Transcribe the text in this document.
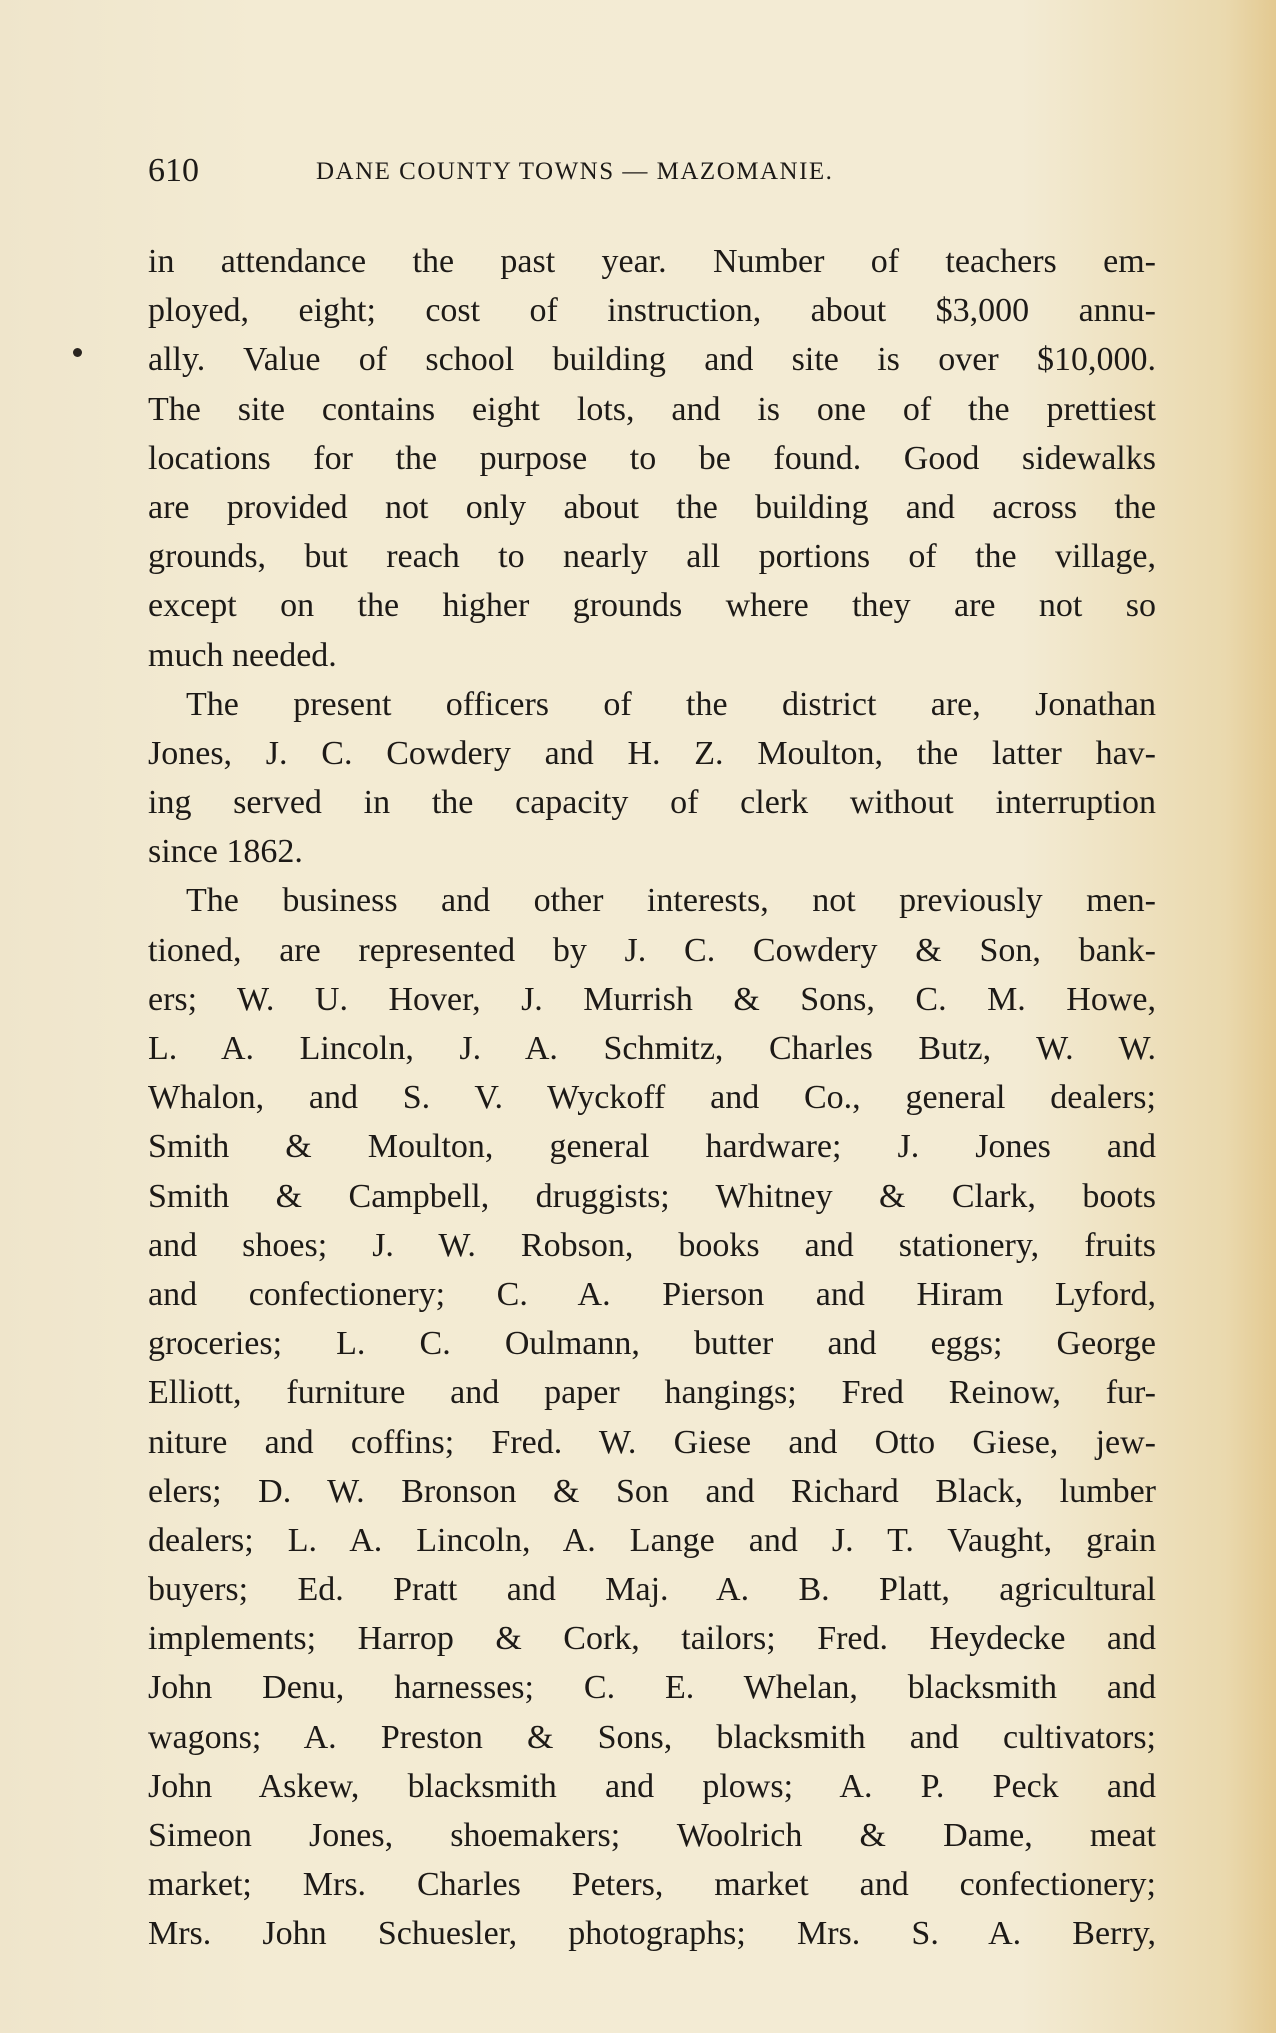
610	DANE COUNTY TOWNS — MAZOMANIE.
in attendance the past year. Number of teachers em-
ployed, eight; cost of instruction, about $3,000 annu-
ally. Value of school building and site is over $10,000.
The site contains eight lots, and is one of the prettiest
locations for the purpose to be found. Good sidewalks
are provided not only about the building and across the
grounds, but reach to nearly all portions of the village,
except on the higher grounds where they are not so
much needed.
The present officers of the district are, Jonathan
Jones, J. C. Cowdery and H. Z. Moulton, the latter hav-
ing served in the capacity of clerk without interruption
since 1862.
The business and other interests, not previously men-
tioned, are represented by J. C. Cowdery & Son, bank-
ers; W. U. Hover, J. Murrish & Sons, C. M. Howe,
L. A. Lincoln, J. A. Schmitz, Charles Butz, W. W.
Whalon, and S. V. Wyckoff and Co., general dealers;
Smith & Moulton, general hardware; J. Jones and
Smith & Campbell, druggists; Whitney & Clark, boots
and shoes; J. W. Robson, books and stationery, fruits
and confectionery; C. A. Pierson and Hiram Lyford,
groceries; L. C. Oulmann, butter and eggs; George
Elliott, furniture and paper hangings; Fred Reinow, fur-
niture and coffins; Fred. W. Giese and Otto Giese, jew-
elers; D. W. Bronson & Son and Richard Black, lumber
dealers; L. A. Lincoln, A. Lange and J. T. Vaught, grain
buyers; Ed. Pratt and Maj. A. B. Platt, agricultural
implements; Harrop & Cork, tailors; Fred. Heydecke and
John Denu, harnesses; C. E. Whelan, blacksmith and
wagons; A. Preston & Sons, blacksmith and cultivators;
John Askew, blacksmith and plows; A. P. Peck and
Simeon Jones, shoemakers; Woolrich & Dame, meat
market; Mrs. Charles Peters, market and confectionery;
Mrs. John Schuesler, photographs; Mrs. S. A. Berry,
